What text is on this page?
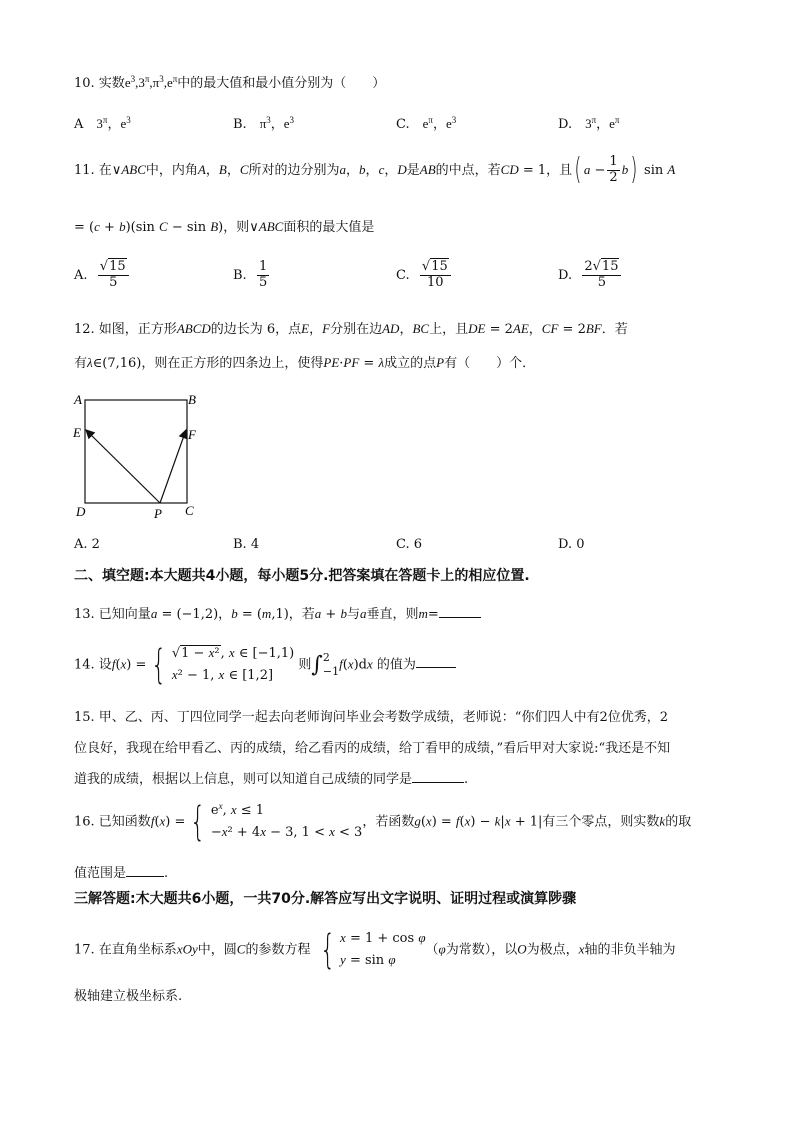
10. 实数$e^3,3^\pi,\pi^3,e^\pi$中的最大值和最小值分别为（　　）
A　$3^\pi$，$e^3$	B.　$\pi^3$，$e^3$	C.　$e^\pi$，$e^3$	D.　$3^\pi$，$e^\pi$
11. 在∨ABC中，内角A，B，C所对的边分别为a，b，c，D是AB的中点，若CD = 1，且( $a - \frac{1}{2} b$) sin A
= (c + b)(sin C − sin B)，则∨ABC面积的最大值是
A. $\frac{√15}{5}$	B. $\frac{1}{5}$	C. $\frac{√15}{10}$	D. $\frac{2√15}{5}$
12. 如图，正方形ABCD的边长为 6，点E，F分别在边AD，BC上，且DE = 2AE，CF = 2BF．若
有λ∈(7,16)，则在正方形的四条边上，使得PE·PF = λ成立的点P有（　　）个．
A	B
E	F
D	P C
A. 2	B. 4	C. 6	D. 0
二、填空题:本大题共4小题，每小题5分.把答案填在答题卡上的相应位置.
13. 已知向量a = (−1,2)，b = (m,1)，若a + b与a垂直，则m=
14. 设f(x) = { √1 − x², x ∈ [−1,1)
x² − 1, x ∈ [1,2]
则∫ 2
−1 f(x)dx 的值为
15. 甲、乙、丙、丁四位同学一起去向老师询问毕业会考数学成绩，老师说：“你们四人中有2位优秀，2
位良好，我现在给甲看乙、丙的成绩，给乙看丙的成绩，给丁看甲的成绩，”看后甲对大家说:“我还是不知
道我的成绩，根据以上信息，则可以知道自己成绩的同学是	.
16. 已知函数f(x) = { $e^x$, x ≤ 1
−x² + 4x − 3, 1 < x < 3
，若函数g(x) = f(x) − k|x + 1|有三个零点，则实数k的取
值范围是	.
三解答题:木大题共6小题，一共70分.解答应写出文字说明、证明过程或演算陟骤
17. 在直角坐标系xOy中，圆C的参数方程 { x = 1 + cos φ
y = sin φ
（φ为常数），以O为极点，x轴的非负半轴为
极轴建立极坐标系.
